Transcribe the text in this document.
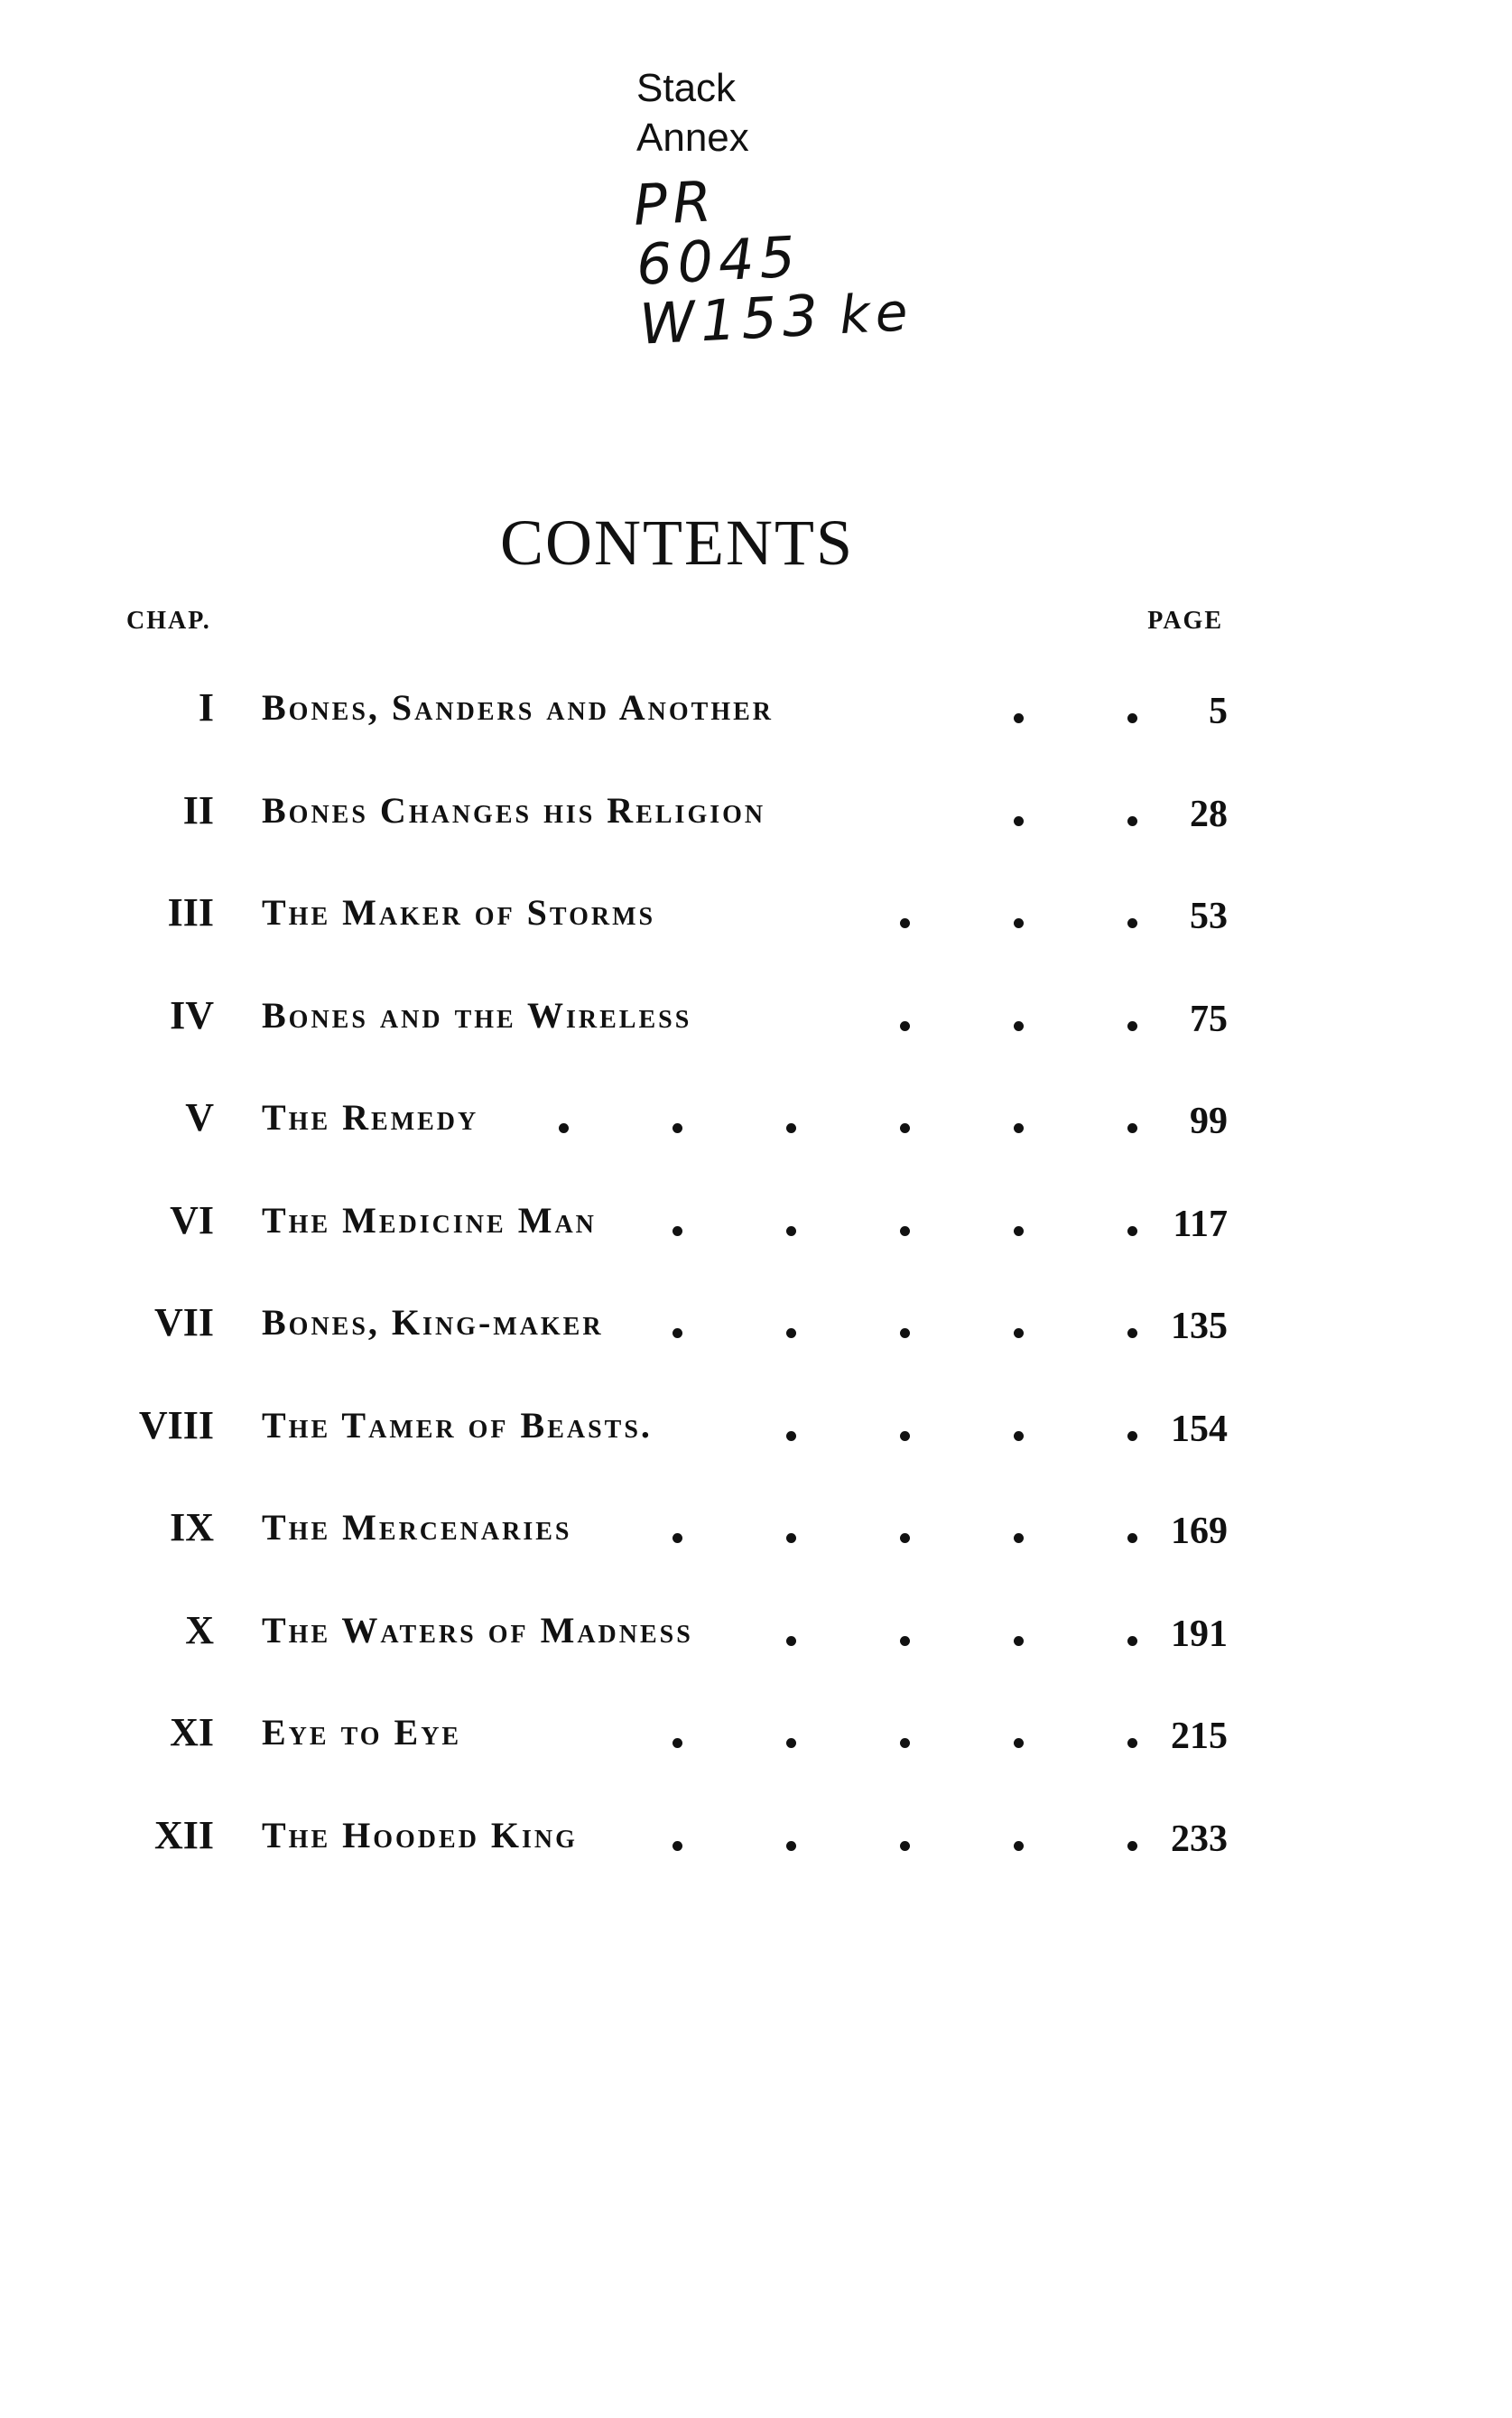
Stack
Annex
PR
6045
W153 ke
CONTENTS
CHAP.	PAGE
I Bones, Sanders and Another	5
II Bones Changes his Religion	28
III The Maker of Storms	53
IV Bones and the Wireless	75
V The Remedy	99
VI The Medicine Man	117
VII Bones, King-maker	135
VIII The Tamer of Beasts.	154
IX The Mercenaries	169
X The Waters of Madness	191
XI Eye to Eye	215
XII The Hooded King	233
